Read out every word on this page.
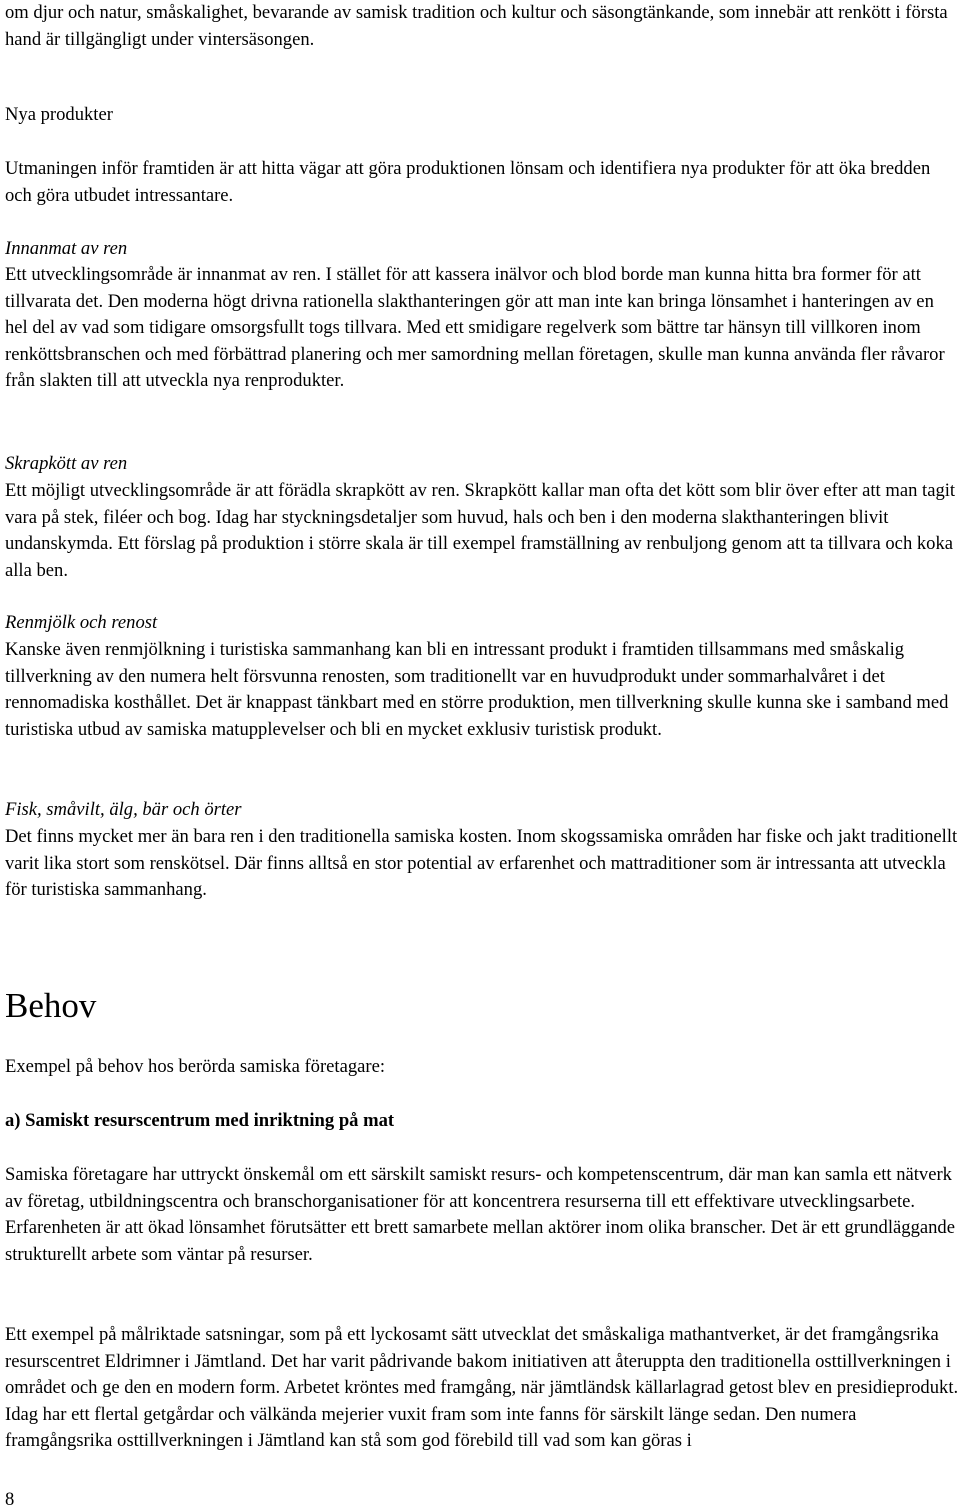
om djur och natur, småskalighet, bevarande av samisk tradition och kultur och säsongtänkande, som innebär att renkött i första hand är tillgängligt under vintersäsongen.

Nya produkter

Utmaningen inför framtiden är att hitta vägar att göra produktionen lönsam och identifiera nya produkter för att öka bredden och göra utbudet intressantare.

Innanmat av ren

Ett utvecklingsområde är innanmat av ren. I stället för att kassera inälvor och blod borde man kunna hitta bra former för att tillvarata det. Den moderna högt drivna rationella slakthanteringen gör att man inte kan bringa lönsamhet i hanteringen av en hel del av vad som tidigare omsorgsfullt togs tillvara. Med ett smidigare regelverk som bättre tar hänsyn till villkoren inom renköttsbranschen och med förbättrad planering och mer samordning mellan företagen, skulle man kunna använda fler råvaror från slakten till att utveckla nya renprodukter.

Skrapkött av ren

Ett möjligt utvecklingsområde är att förädla skrapkött av ren. Skrapkött kallar man ofta det kött som blir över efter att man tagit vara på stek, filéer och bog. Idag har styckningsdetaljer som huvud, hals och ben i den moderna slakthanteringen blivit undanskymda. Ett förslag på produktion i större skala är till exempel framställning av renbuljong genom att ta tillvara och koka alla ben.

Renmjölk och renost

Kanske även renmjölkning i turistiska sammanhang kan bli en intressant produkt i framtiden tillsammans med småskalig tillverkning av den numera helt försvunna renosten, som traditionellt var en huvudprodukt under sommarhalvåret i det rennomadiska kosthållet. Det är knappast tänkbart med en större produktion, men tillverkning skulle kunna ske i samband med turistiska utbud av samiska matupplevelser och bli en mycket exklusiv turistisk produkt.

Fisk, småvilt, älg, bär och örter

Det finns mycket mer än bara ren i den traditionella samiska kosten. Inom skogssamiska områden har fiske och jakt traditionellt varit lika stort som renskötsel. Där finns alltså en stor potential av erfarenhet och mattraditioner som är intressanta att utveckla för turistiska sammanhang.

Behov

Exempel på behov hos berörda samiska företagare:

a) Samiskt resurscentrum med inriktning på mat

Samiska företagare har uttryckt önskemål om ett särskilt samiskt resurs- och kompetenscentrum, där man kan samla ett nätverk av företag, utbildningscentra och branschorganisationer för att koncentrera resurserna till ett effektivare utvecklingsarbete. Erfarenheten är att ökad lönsamhet förutsätter ett brett samarbete mellan aktörer inom olika branscher. Det är ett grundläggande strukturellt arbete som väntar på resurser.

Ett exempel på målriktade satsningar, som på ett lyckosamt sätt utvecklat det småskaliga mathantverket, är det framgångsrika resurscentret Eldrimner i Jämtland. Det har varit pådrivande bakom initiativen att återuppta den traditionella osttillverkningen i området och ge den en modern form. Arbetet kröntes med framgång, när jämtländsk källarlagrad getost blev en presidieprodukt. Idag har ett flertal getgårdar och välkända mejerier vuxit fram som inte fanns för särskilt länge sedan. Den numera framgångsrika osttillverkningen i Jämtland kan stå som god förebild till vad som kan göras i

8
